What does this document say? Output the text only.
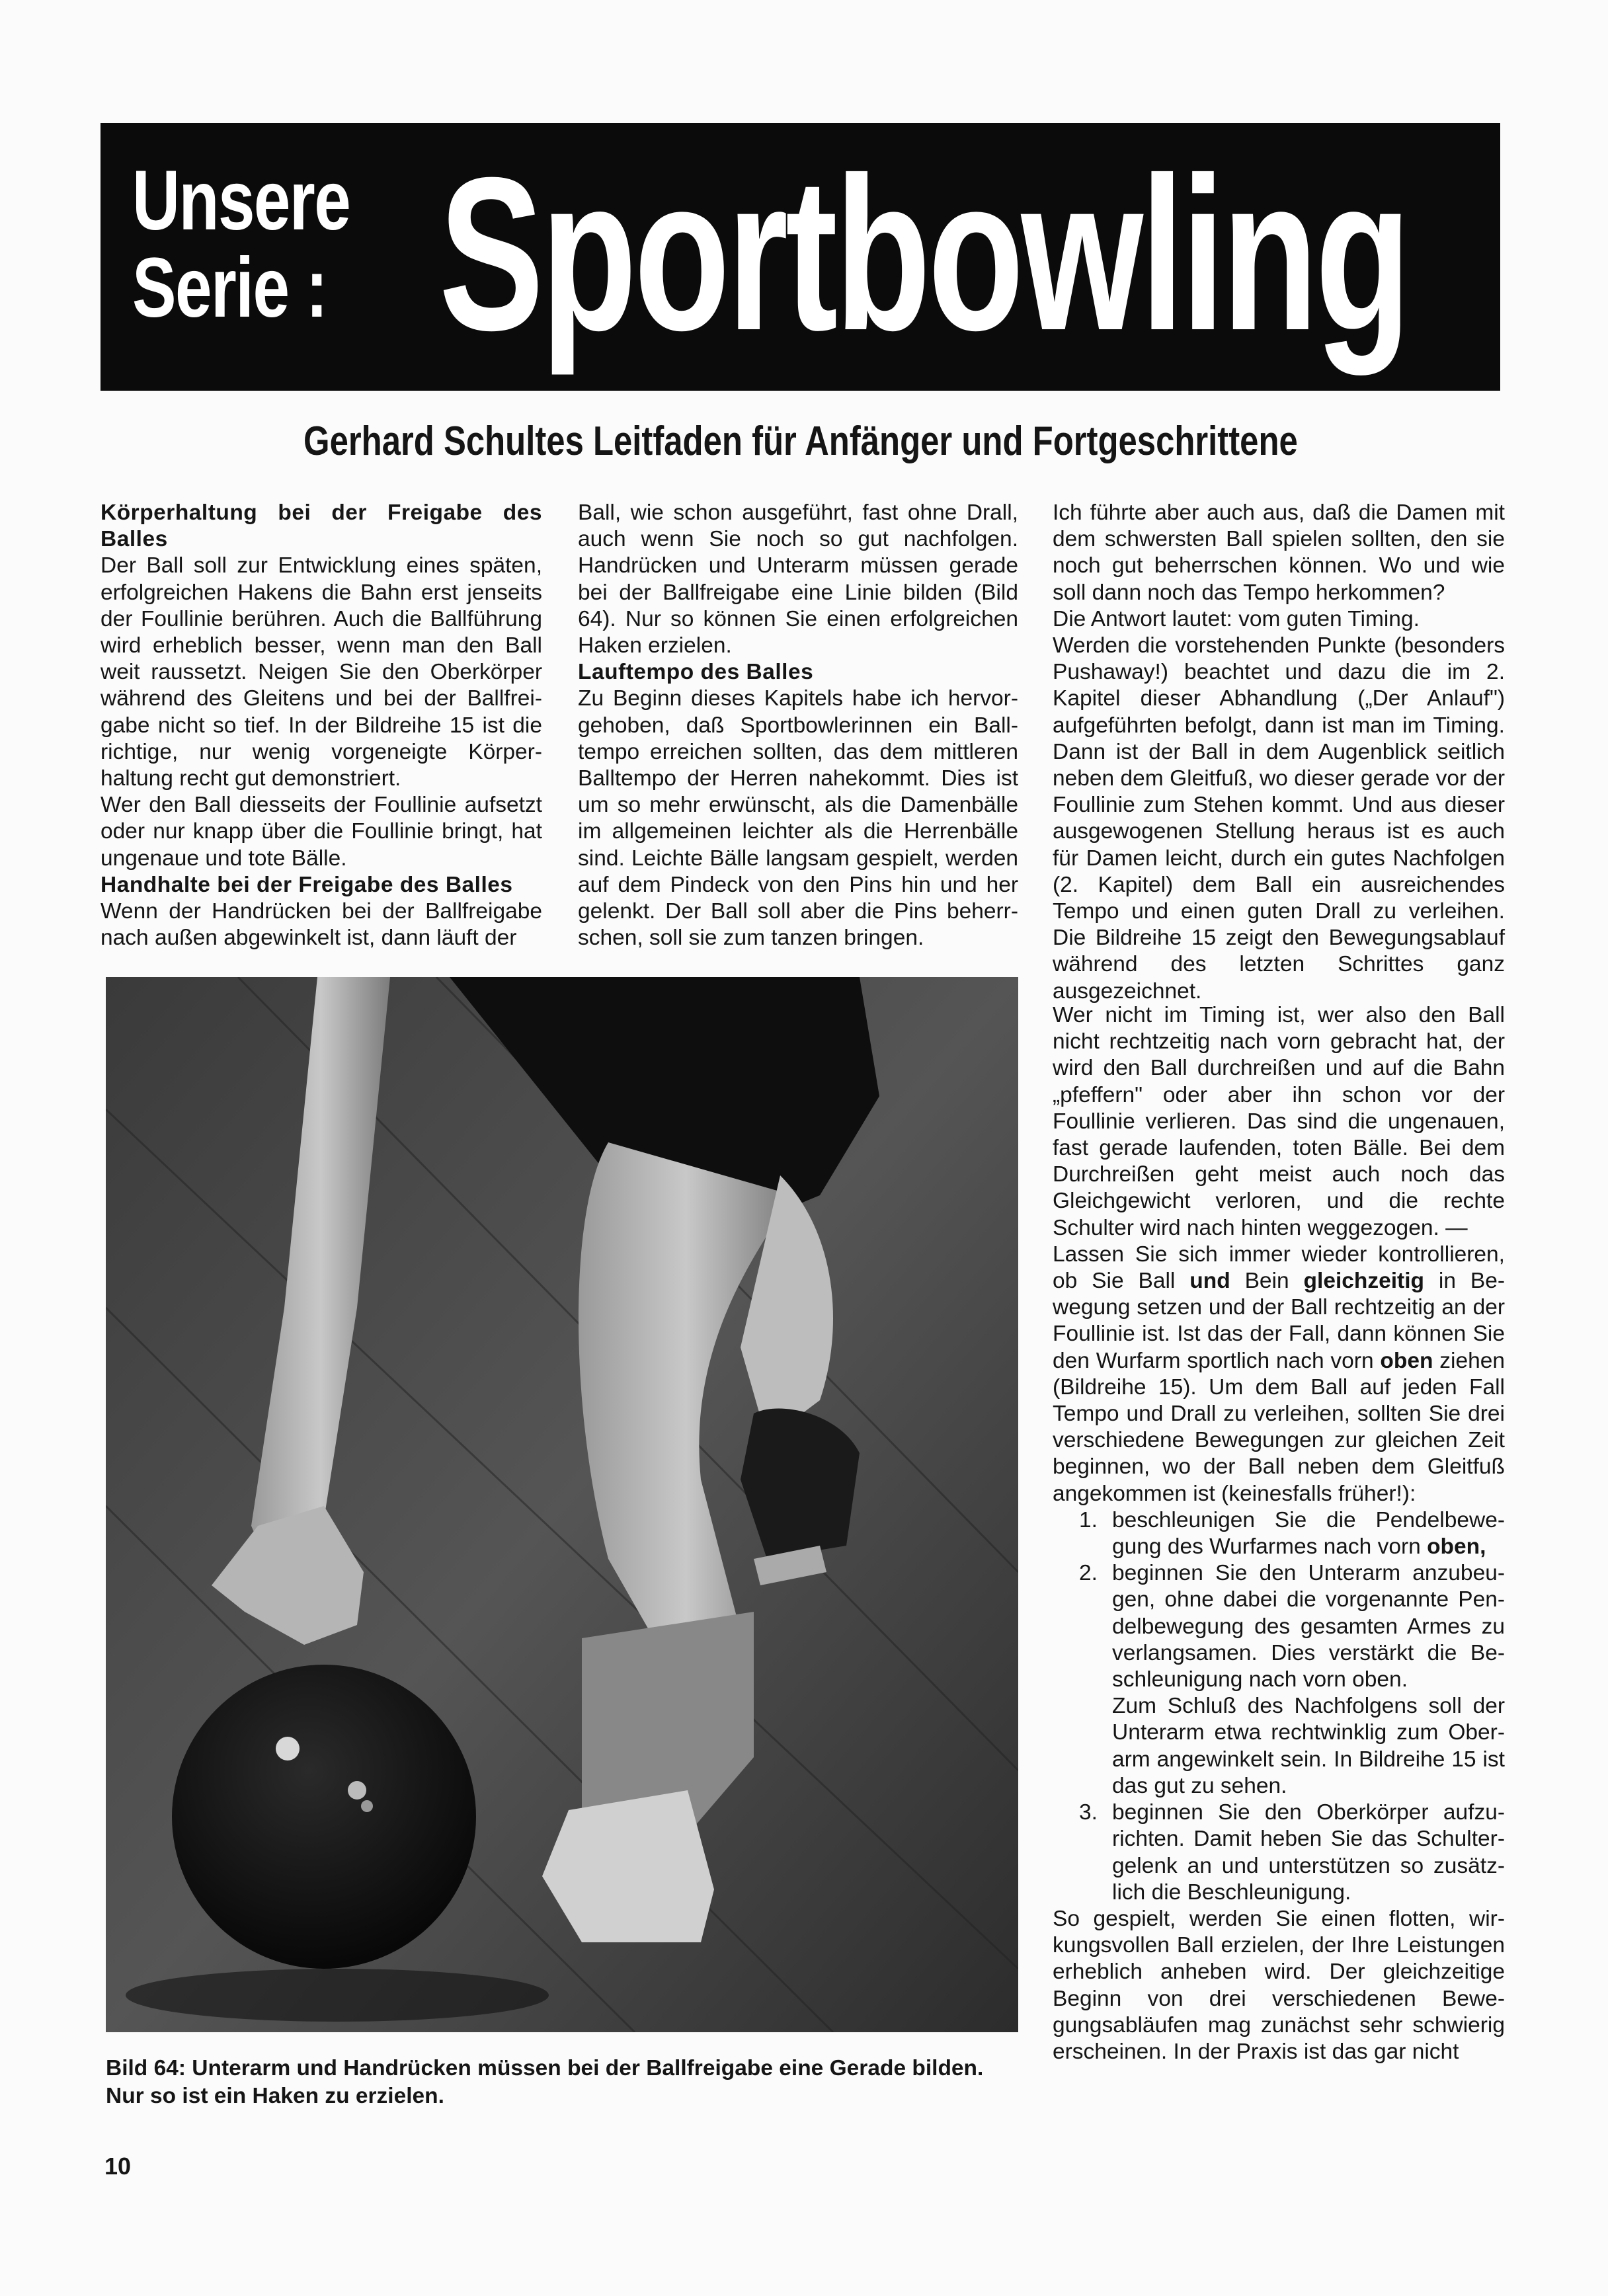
Unsere
Serie : Sportbowling
Gerhard Schultes Leitfaden für Anfänger und Fortgeschrittene

Körperhaltung bei der Freigabe des Balles

Der Ball soll zur Entwicklung eines späten, erfolgreichen Hakens die Bahn erst jenseits der Foullinie berühren. Auch die Ballführung wird erheblich besser, wenn man den Ball weit raussetzt. Neigen Sie den Oberkörper während des Gleitens und bei der Ballfreigabe nicht so tief. In der Bildreihe 15 ist die richtige, nur wenig vorgeneigte Körperhaltung recht gut demonstriert.

Wer den Ball diesseits der Foullinie aufsetzt oder nur knapp über die Foullinie bringt, hat ungenaue und tote Bälle.

Handhalte bei der Freigabe des Balles

Wenn der Handrücken bei der Ballfreigabe nach außen abgewinkelt ist, dann läuft der

Ball, wie schon ausgeführt, fast ohne Drall, auch wenn Sie noch so gut nachfolgen. Handrücken und Unterarm müssen gerade bei der Ballfreigabe eine Linie bilden (Bild 64). Nur so können Sie einen erfolgreichen Haken erzielen.

Lauftempo des Balles

Zu Beginn dieses Kapitels habe ich hervorgehoben, daß Sportbowlerinnen ein Balltempo erreichen sollten, das dem mittleren Balltempo der Herren nahekommt. Dies ist um so mehr erwünscht, als die Damenbälle im allgemeinen leichter als die Herrenbälle sind. Leichte Bälle langsam gespielt, werden auf dem Pindeck von den Pins hin und her gelenkt. Der Ball soll aber die Pins beherrschen, soll sie zum tanzen bringen.

Ich führte aber auch aus, daß die Damen mit dem schwersten Ball spielen sollten, den sie noch gut beherrschen können. Wo und wie soll dann noch das Tempo herkommen?

Die Antwort lautet: vom guten Timing.

Werden die vorstehenden Punkte (besonders Pushaway!) beachtet und dazu die im 2. Kapitel dieser Abhandlung („Der Anlauf") aufgeführten befolgt, dann ist man im Timing. Dann ist der Ball in dem Augenblick seitlich neben dem Gleitfuß, wo dieser gerade vor der Foullinie zum Stehen kommt. Und aus dieser ausgewogenen Stellung heraus ist es auch für Damen leicht, durch ein gutes Nachfolgen (2. Kapitel) dem Ball ein ausreichendes Tempo und einen guten Drall zu verleihen. Die Bildreihe 15 zeigt den Bewegungsablauf während des letzten Schrittes ganz ausgezeichnet.

Wer nicht im Timing ist, wer also den Ball nicht rechtzeitig nach vorn gebracht hat, der wird den Ball durchreißen und auf die Bahn „pfeffern" oder aber ihn schon vor der Foullinie verlieren. Das sind die ungenauen, fast gerade laufenden, toten Bälle. Bei dem Durchreißen geht meist auch noch das Gleichgewicht verloren, und die rechte Schulter wird nach hinten weggezogen. —

Lassen Sie sich immer wieder kontrollieren, ob Sie Ball und Bein gleichzeitig in Bewegung setzen und der Ball rechtzeitig an der Foullinie ist. Ist das der Fall, dann können Sie den Wurfarm sportlich nach vorn oben ziehen (Bildreihe 15). Um dem Ball auf jeden Fall Tempo und Drall zu verleihen, sollten Sie drei verschiedene Bewegungen zur gleichen Zeit beginnen, wo der Ball neben dem Gleitfuß angekommen ist (keinesfalls früher!):

1. beschleunigen Sie die Pendelbewegung des Wurfarmes nach vorn oben,
2. beginnen Sie den Unterarm anzubeugen, ohne dabei die vorgenannte Pendelbewegung des gesamten Armes zu verlangsamen. Dies verstärkt die Beschleunigung nach vorn oben.
Zum Schluß des Nachfolgens soll der Unterarm etwa rechtwinklig zum Oberarm angewinkelt sein. In Bildreihe 15 ist das gut zu sehen.
3. beginnen Sie den Oberkörper aufzurichten. Damit heben Sie das Schultergelenk an und unterstützen so zusätzlich die Beschleunigung.

So gespielt, werden Sie einen flotten, wirkungsvollen Ball erzielen, der Ihre Leistungen erheblich anheben wird. Der gleichzeitige Beginn von drei verschiedenen Bewegungsabläufen mag zunächst sehr schwierig erscheinen. In der Praxis ist das gar nicht

Bild 64: Unterarm und Handrücken müssen bei der Ballfreigabe eine Gerade bilden.
Nur so ist ein Haken zu erzielen.
10
